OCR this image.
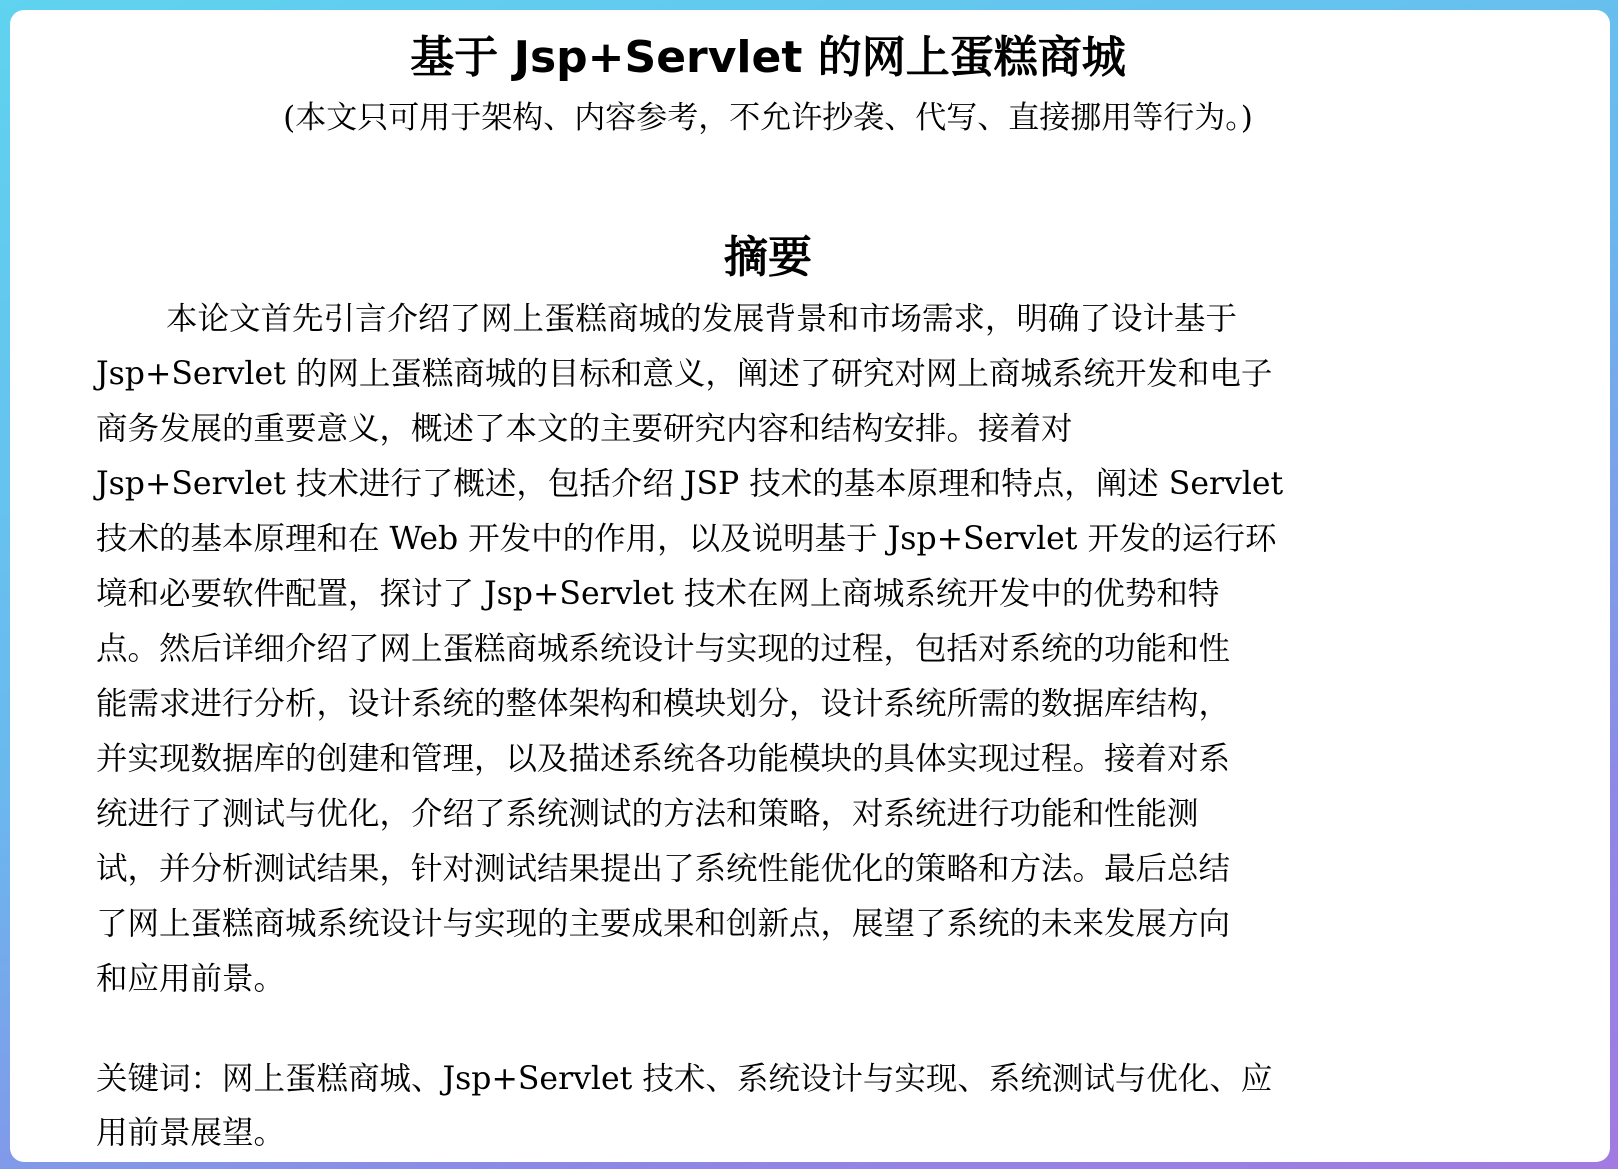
基于 Jsp+Servlet 的网上蛋糕商城
(本文只可用于架构、内容参考，不允许抄袭、代写、直接挪用等行为。)
摘要
本论文首先引言介绍了网上蛋糕商城的发展背景和市场需求，明确了设计基于
Jsp+Servlet 的网上蛋糕商城的目标和意义，阐述了研究对网上商城系统开发和电子
商务发展的重要意义，概述了本文的主要研究内容和结构安排。接着对
Jsp+Servlet 技术进行了概述，包括介绍 JSP 技术的基本原理和特点，阐述 Servlet
技术的基本原理和在 Web 开发中的作用，以及说明基于 Jsp+Servlet 开发的运行环
境和必要软件配置，探讨了 Jsp+Servlet 技术在网上商城系统开发中的优势和特
点。然后详细介绍了网上蛋糕商城系统设计与实现的过程，包括对系统的功能和性
能需求进行分析，设计系统的整体架构和模块划分，设计系统所需的数据库结构，
并实现数据库的创建和管理，以及描述系统各功能模块的具体实现过程。接着对系
统进行了测试与优化，介绍了系统测试的方法和策略，对系统进行功能和性能测
试，并分析测试结果，针对测试结果提出了系统性能优化的策略和方法。最后总结
了网上蛋糕商城系统设计与实现的主要成果和创新点，展望了系统的未来发展方向
和应用前景。
关键词：网上蛋糕商城、Jsp+Servlet 技术、系统设计与实现、系统测试与优化、应
用前景展望。
